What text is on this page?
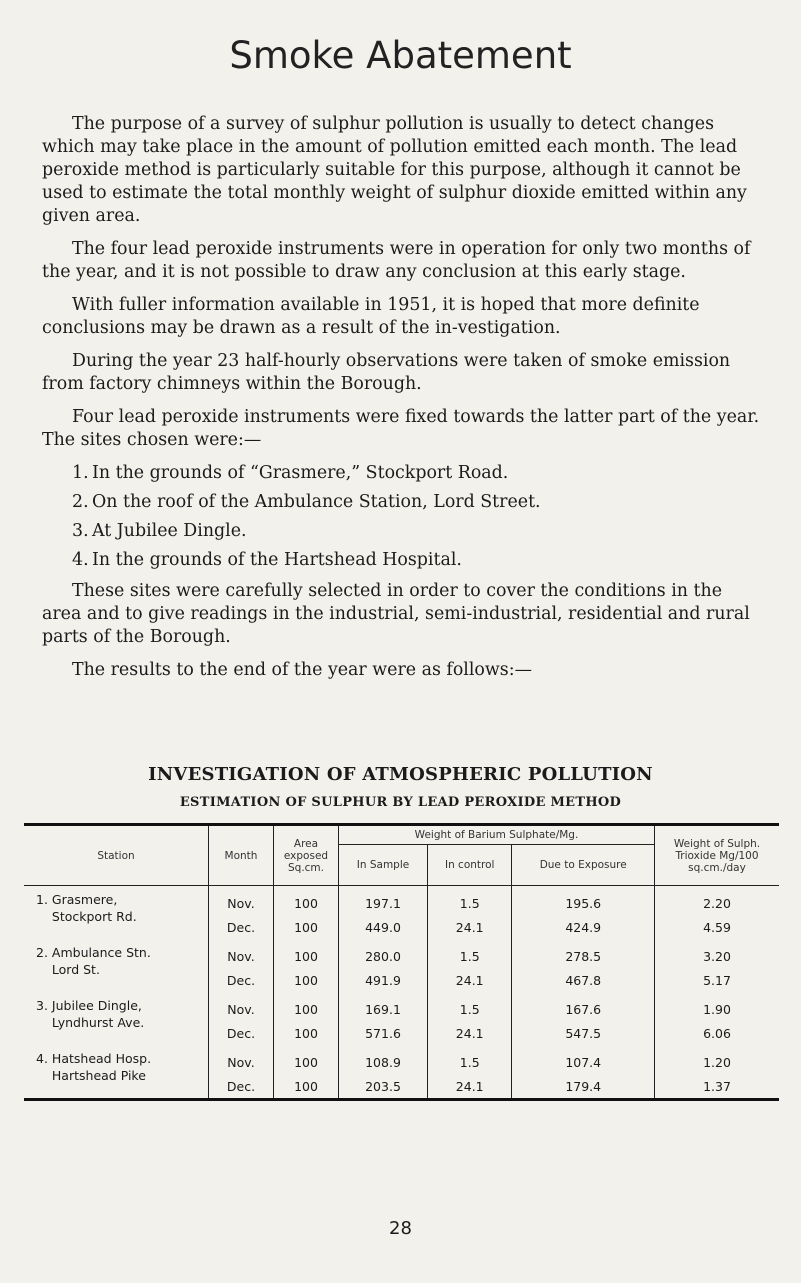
Smoke Abatement

The purpose of a survey of sulphur pollution is usually to detect changes which may take place in the amount of pollution emitted each month. The lead peroxide method is particularly suitable for this purpose, although it cannot be used to estimate the total monthly weight of sulphur dioxide emitted within any given area.

The four lead peroxide instruments were in operation for only two months of the year, and it is not possible to draw any conclusion at this early stage.

With fuller information available in 1951, it is hoped that more definite conclusions may be drawn as a result of the in-vestigation.

During the year 23 half-hourly observations were taken of smoke emission from factory chimneys within the Borough.

Four lead peroxide instruments were fixed towards the latter part of the year. The sites chosen were:—

1. In the grounds of “Grasmere,” Stockport Road.
2. On the roof of the Ambulance Station, Lord Street.
3. At Jubilee Dingle.
4. In the grounds of the Hartshead Hospital.

These sites were carefully selected in order to cover the conditions in the area and to give readings in the industrial, semi-industrial, residential and rural parts of the Borough.

The results to the end of the year were as follows:—

INVESTIGATION OF ATMOSPHERIC POLLUTION
ESTIMATION OF SULPHUR BY LEAD PEROXIDE METHOD
Station	Month	Area exposed Sq.cm.	Weight of Barium Sulphate/Mg.			Weight of Sulph. Trioxide Mg/100 sq.cm./day
			In Sample	In control	Due to Exposure	
1. Grasmere,
Stockport Rd.	Nov.	100	197.1	1.5	195.6	2.20
	Dec.	100	449.0	24.1	424.9	4.59
2. Ambulance Stn.
Lord St.	Nov.	100	280.0	1.5	278.5	3.20
	Dec.	100	491.9	24.1	467.8	5.17
3. Jubilee Dingle,
Lyndhurst Ave.	Nov.	100	169.1	1.5	167.6	1.90
	Dec.	100	571.6	24.1	547.5	6.06
4. Hatshead Hosp.
Hartshead Pike	Nov.	100	108.9	1.5	107.4	1.20
	Dec.	100	203.5	24.1	179.4	1.37
28
